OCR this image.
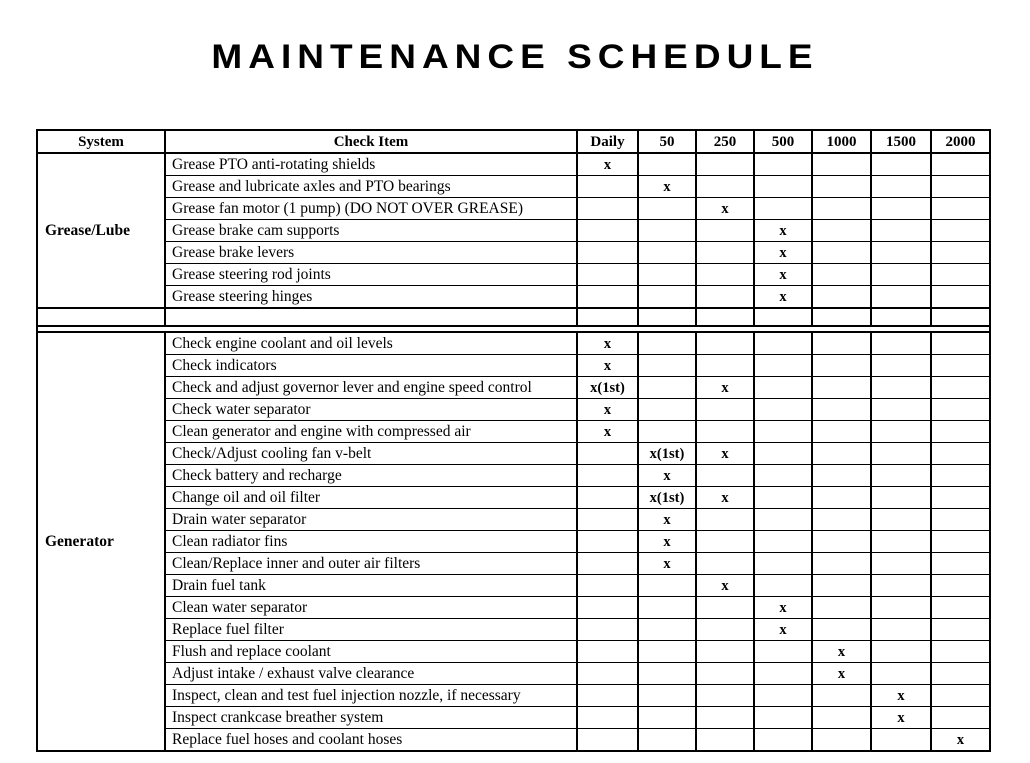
MAINTENANCE SCHEDULE
System	Check Item	Daily	50	250	500	1000	1500	2000
Grease/Lube	Grease PTO anti-rotating shields	x						
	Grease and lubricate axles and PTO bearings		x					
	Grease fan motor (1 pump) (DO NOT OVER GREASE)			x				
	Grease brake cam supports				x			
	Grease brake levers				x			
	Grease steering rod joints				x			
	Grease steering hinges				x			

Generator	Check engine coolant and oil levels	x						
	Check indicators	x						
	Check and adjust governor lever and engine speed control	x(1st)		x				
	Check water separator	x						
	Clean generator and engine with compressed air	x						
	Check/Adjust cooling fan v-belt		x(1st)	x				
	Check battery and recharge		x					
	Change oil and oil filter		x(1st)	x				
	Drain water separator		x					
	Clean radiator fins		x					
	Clean/Replace inner and outer air filters		x					
	Drain fuel tank			x				
	Clean water separator				x			
	Replace fuel filter				x			
	Flush and replace coolant					x		
	Adjust intake / exhaust valve clearance					x		
	Inspect, clean and test fuel injection nozzle, if necessary						x	
	Inspect crankcase breather system						x	
	Replace fuel hoses and coolant hoses							x
